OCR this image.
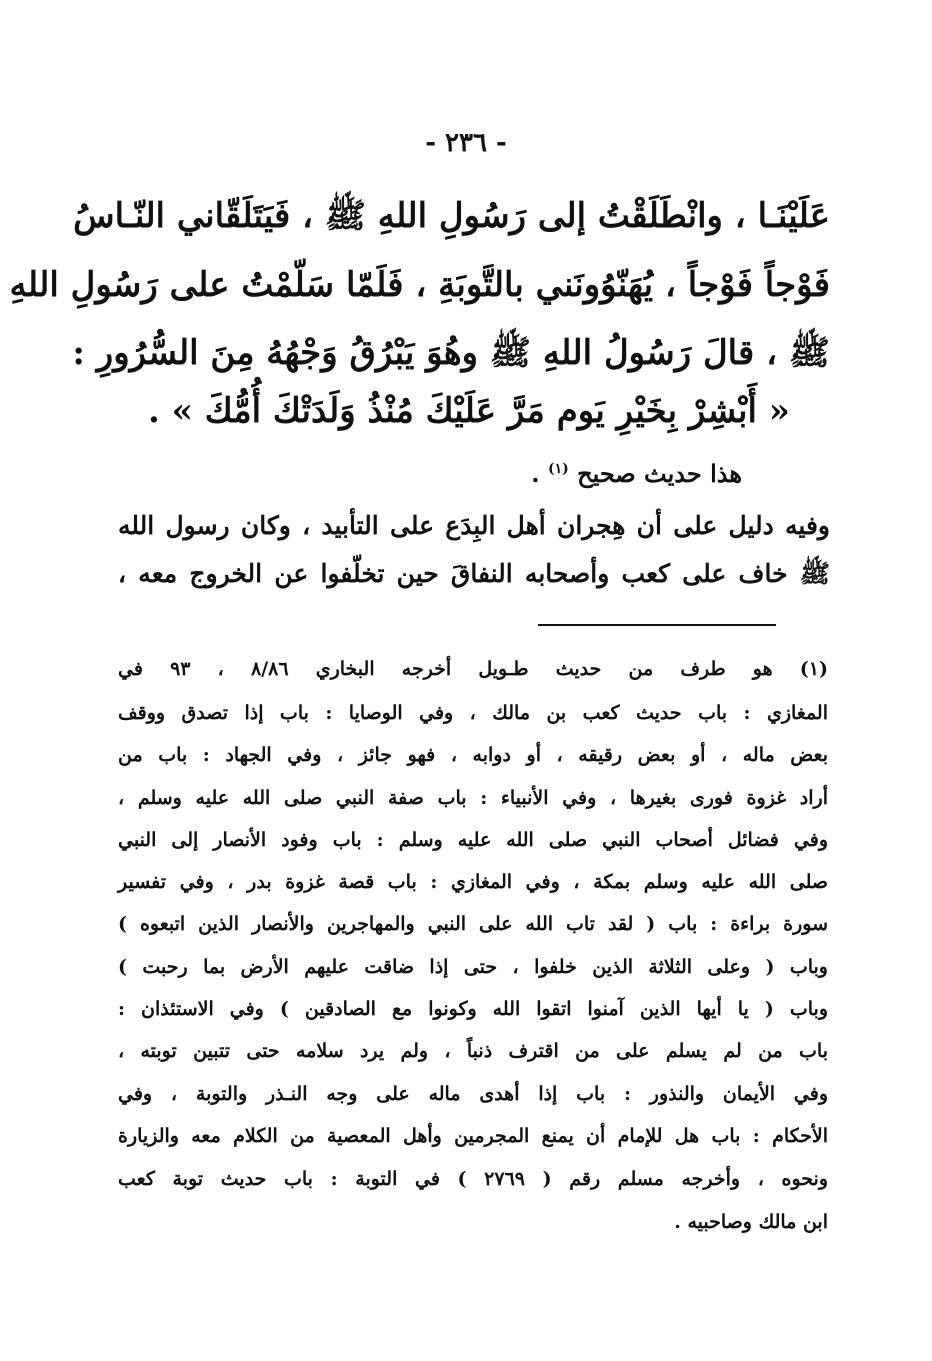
- ٢٣٦ -
عَلَيْنَـا ، وانْطَلَقْتُ إلى رَسُولِ اللهِ ﷺ ، فَيَتَلَقّاني النّـاسُ
فَوْجاً فَوْجاً ، يُهَنّوُونَني بالتَّوبَةِ ، فَلَمّا سَلّمْتُ على رَسُولِ اللهِ
ﷺ ، قالَ رَسُولُ اللهِ ﷺ وهُوَ يَبْرُقُ وَجْهُهُ مِنَ السُّرُورِ :
« أَبْشِرْ بِخَيْرِ يَوم مَرَّ عَلَيْكَ مُنْذُ وَلَدَتْكَ أُمُّكَ » .
هذا حديث صحيح $^{(١)}$ .
وفيه دليل على أن هِجران أهل البِدَع على التأبيد ، وكان رسول الله
ﷺ خاف على كعب وأصحابه النفاقَ حين تخلّفوا عن الخروج معه ،
(١) هو طرف من حديث طـويل أخرجه البخاري ٨/٨٦ ، ٩٣ في
المغازي : باب حديث كعب بن مالك ، وفي الوصايا : باب إذا تصدق ووقف
بعض ماله ، أو بعض رقيقه ، أو دوابه ، فهو جائز ، وفي الجهاد : باب من
أراد غزوة فورى بغيرها ، وفي الأنبياء : باب صفة النبي صلى الله عليه وسلم ،
وفي فضائل أصحاب النبي صلى الله عليه وسلم : باب وفود الأنصار إلى النبي
صلى الله عليه وسلم بمكة ، وفي المغازي : باب قصة غزوة بدر ، وفي تفسير
سورة براءة : باب ( لقد تاب الله على النبي والمهاجرين والأنصار الذين اتبعوه )
وباب ( وعلى الثلاثة الذين خلفوا ، حتى إذا ضاقت عليهم الأرض بما رحبت )
وباب ( يا أيها الذين آمنوا اتقوا الله وكونوا مع الصادقين ) وفي الاستئذان :
باب من لم يسلم على من اقترف ذنباً ، ولم يرد سلامه حتى تتبين توبته ،
وفي الأيمان والنذور : باب إذا أهدى ماله على وجه النـذر والتوبة ، وفي
الأحكام : باب هل للإمام أن يمنع المجرمين وأهل المعصية من الكلام معه والزيارة
ونحوه ، وأخرجه مسلم رقم ( ٢٧٦٩ ) في التوبة : باب حديث توبة كعب
ابن مالك وصاحبيه .
